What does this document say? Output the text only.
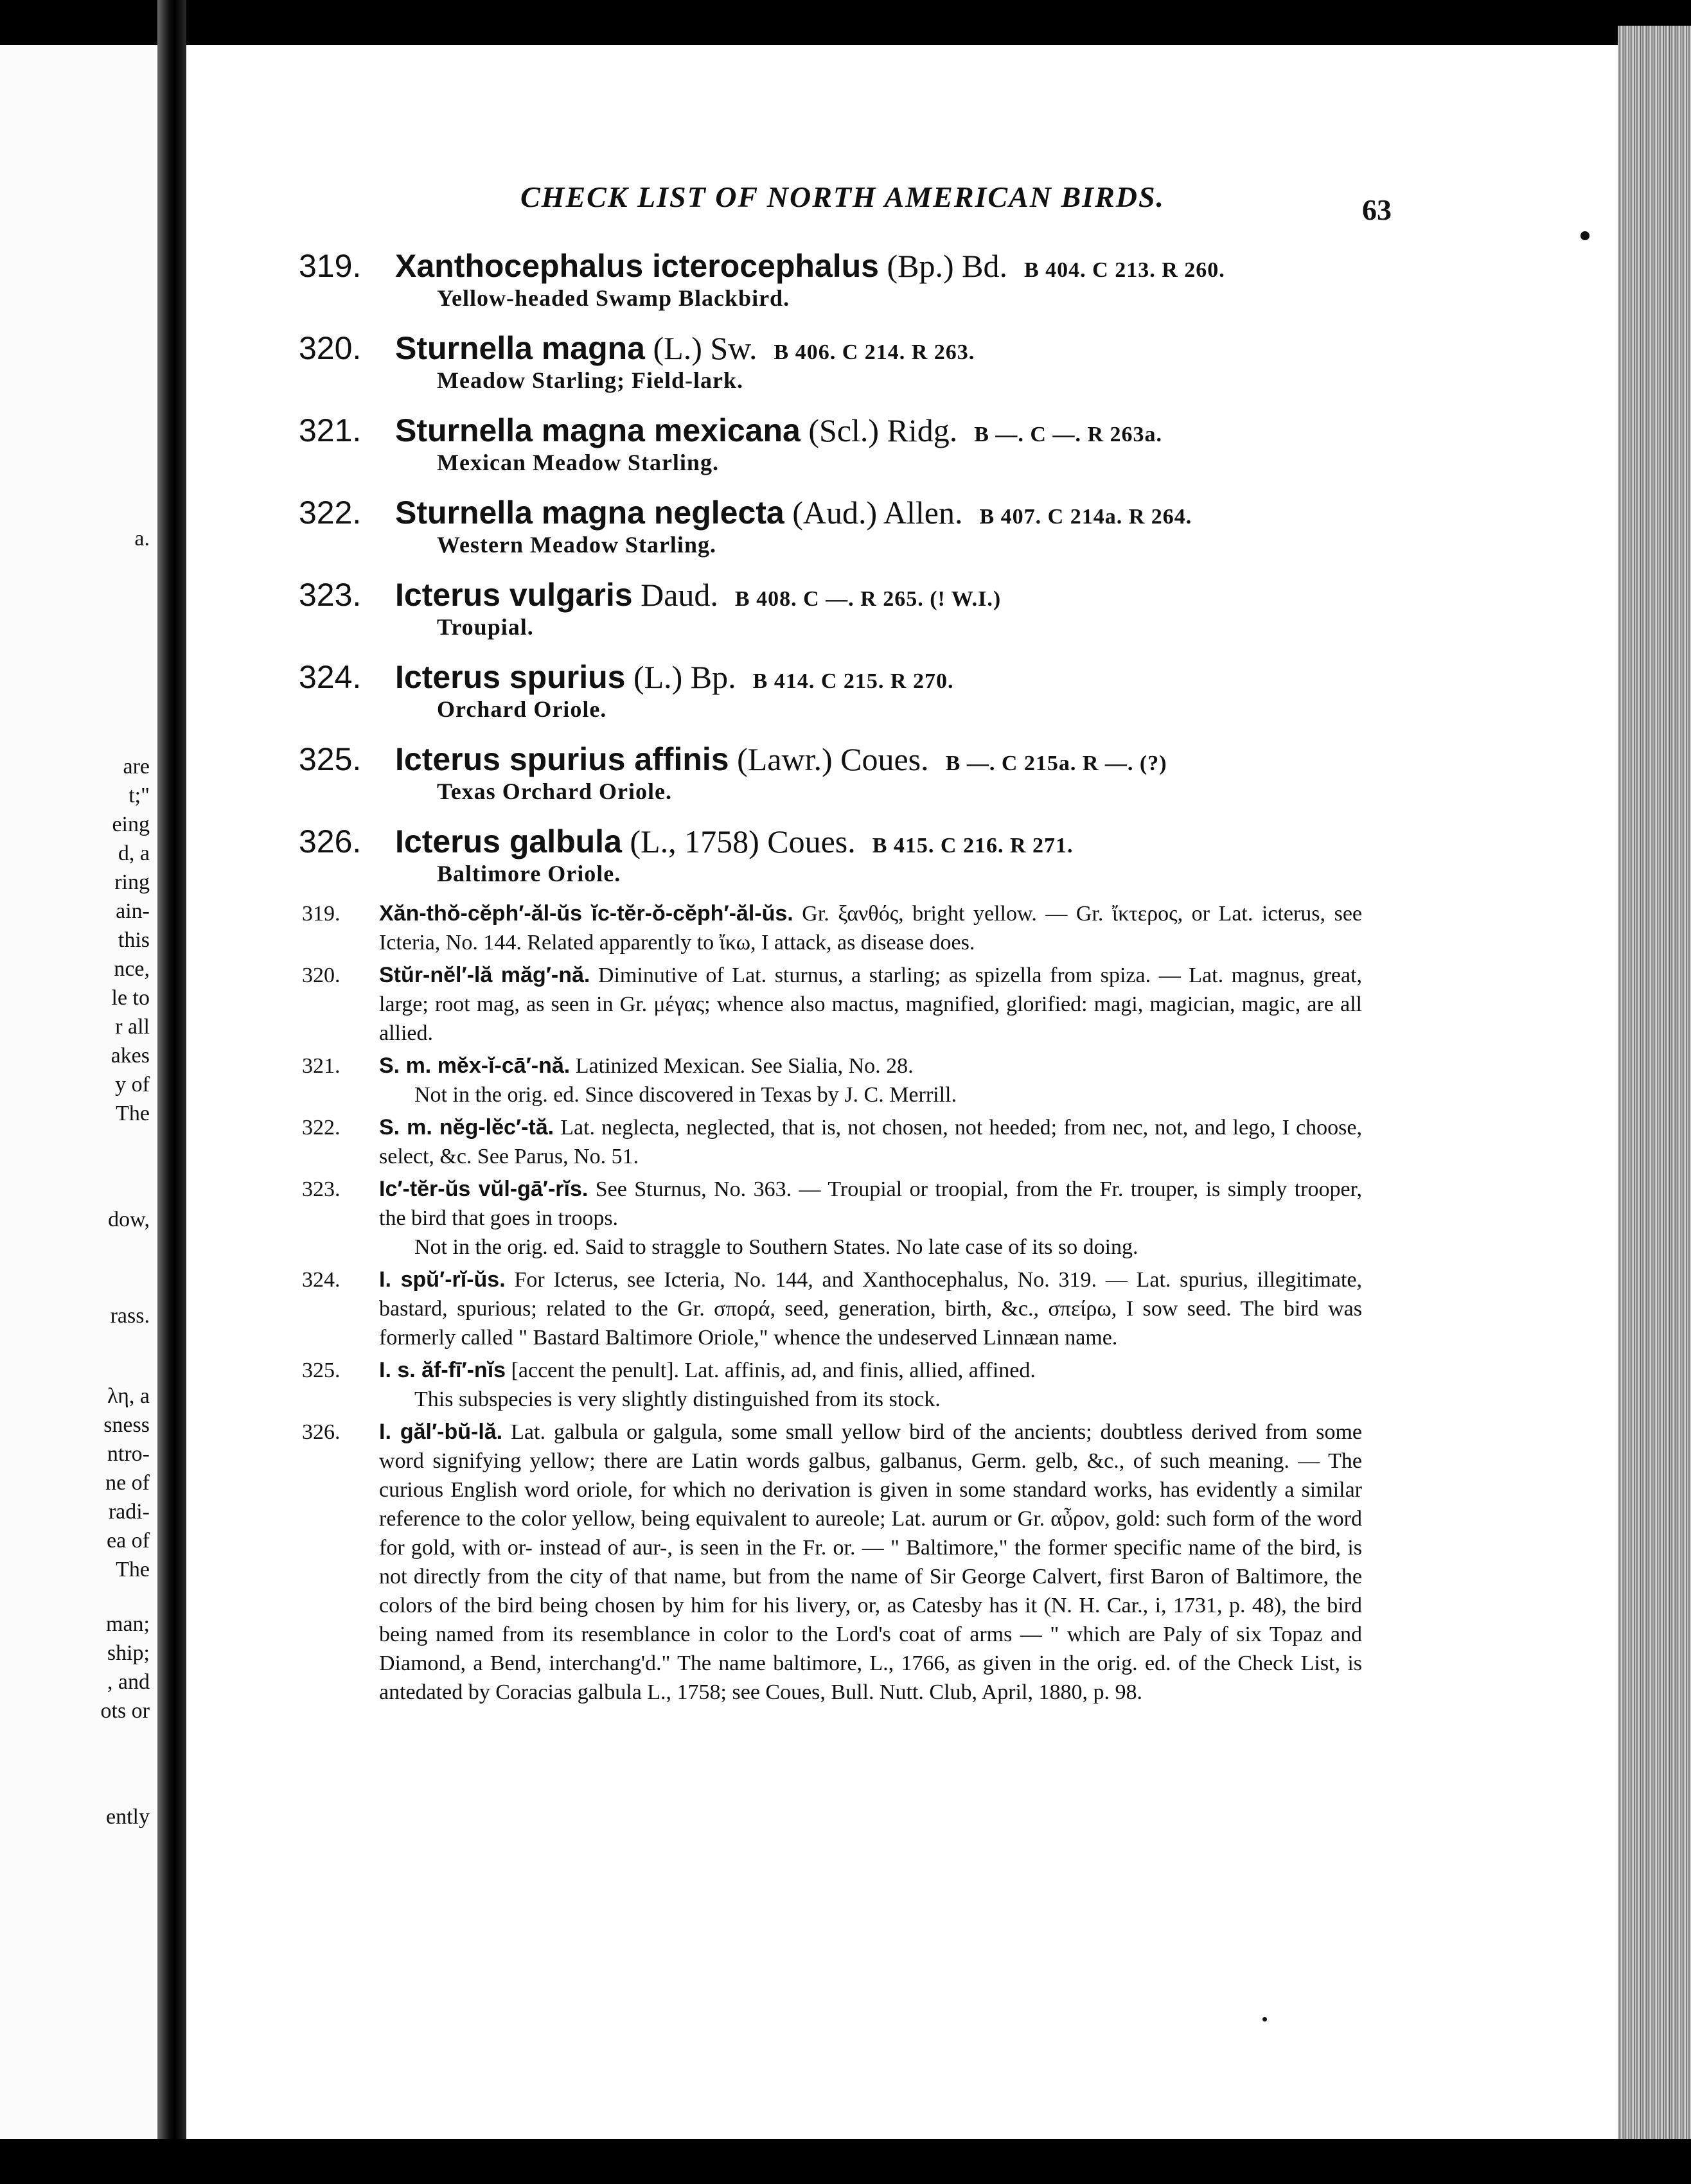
a.
are
t;"
eing
d, a
ring
ain-
this
nce,
le to
r all
akes
y of
The
dow,
rass.
λη, a
sness
ntro-
ne of
radi-
ea of
The
man;
ship;
, and
ots or
ently
CHECK LIST OF NORTH AMERICAN BIRDS.	63
319. Xanthocephalus icterocephalus (Bp.) Bd. B 404. C 213. R 260.
Yellow-headed Swamp Blackbird.
320. Sturnella magna (L.) Sw. B 406. C 214. R 263.
Meadow Starling; Field-lark.
321. Sturnella magna mexicana (Scl.) Ridg. B —. C —. R 263a.
Mexican Meadow Starling.
322. Sturnella magna neglecta (Aud.) Allen. B 407. C 214a. R 264.
Western Meadow Starling.
323. Icterus vulgaris Daud. B 408. C —. R 265. (! W.I.)
Troupial.
324. Icterus spurius (L.) Bp. B 414. C 215. R 270.
Orchard Oriole.
325. Icterus spurius affinis (Lawr.) Coues. B —. C 215a. R —. (?)
Texas Orchard Oriole.
326. Icterus galbula (L., 1758) Coues. B 415. C 216. R 271.
Baltimore Oriole.
319. Xăn-thŏ-cĕph′-ăl-ŭs ĭc-tĕr-ŏ-cĕph′-ăl-ŭs. Gr. ξανθός, bright yellow. — Gr. ἴκτερος, or Lat. icterus, see Icteria, No. 144. Related apparently to ἴκω, I attack, as disease does.

320. Stŭr-nĕl′-lă măg′-nă. Diminutive of Lat. sturnus, a starling; as spizella from spiza. — Lat. magnus, great, large; root mag, as seen in Gr. μέγας; whence also mactus, magnified, glorified: magi, magician, magic, are all allied.

321. S. m. mĕx-ĭ-cā′-nă. Latinized Mexican. See Sialia, No. 28.

Not in the orig. ed. Since discovered in Texas by J. C. Merrill.

322. S. m. nĕg-lĕc′-tă. Lat. neglecta, neglected, that is, not chosen, not heeded; from nec, not, and lego, I choose, select, &c. See Parus, No. 51.

323. Ic′-tĕr-ŭs vŭl-gā′-rĭs. See Sturnus, No. 363. — Troupial or troopial, from the Fr. trouper, is simply trooper, the bird that goes in troops.

Not in the orig. ed. Said to straggle to Southern States. No late case of its so doing.

324. I. spŭ′-rĭ-ŭs. For Icterus, see Icteria, No. 144, and Xanthocephalus, No. 319. — Lat. spurius, illegitimate, bastard, spurious; related to the Gr. σπορά, seed, generation, birth, &c., σπείρω, I sow seed. The bird was formerly called " Bastard Baltimore Oriole," whence the undeserved Linnæan name.

325. I. s. ăf-fī′-nĭs [accent the penult]. Lat. affinis, ad, and finis, allied, affined.

This subspecies is very slightly distinguished from its stock.

326. I. găl′-bŭ-lă. Lat. galbula or galgula, some small yellow bird of the ancients; doubtless derived from some word signifying yellow; there are Latin words galbus, galbanus, Germ. gelb, &c., of such meaning. — The curious English word oriole, for which no derivation is given in some standard works, has evidently a similar reference to the color yellow, being equivalent to aureole; Lat. aurum or Gr. αὖρον, gold: such form of the word for gold, with or- instead of aur-, is seen in the Fr. or. — " Baltimore," the former specific name of the bird, is not directly from the city of that name, but from the name of Sir George Calvert, first Baron of Baltimore, the colors of the bird being chosen by him for his livery, or, as Catesby has it (N. H. Car., i, 1731, p. 48), the bird being named from its resemblance in color to the Lord's coat of arms — " which are Paly of six Topaz and Diamond, a Bend, interchang'd." The name baltimore, L., 1766, as given in the orig. ed. of the Check List, is antedated by Coracias galbula L., 1758; see Coues, Bull. Nutt. Club, April, 1880, p. 98.
